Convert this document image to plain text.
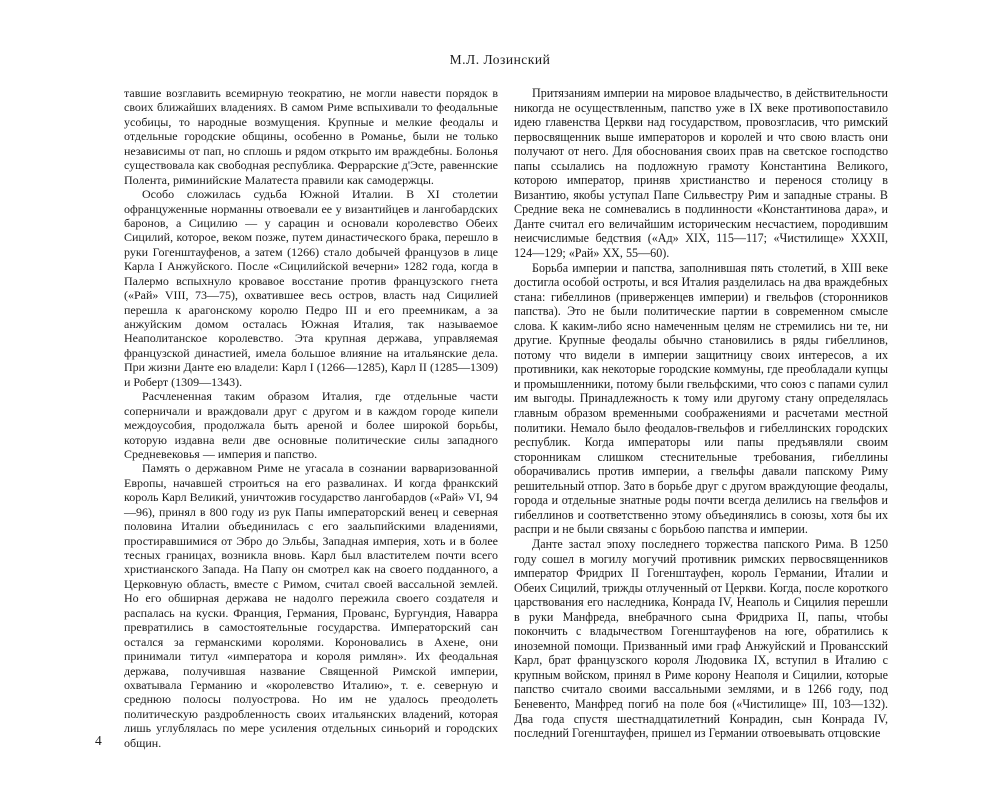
М.Л. Лозинский

тавшие возглавить всемирную теократию, не могли навести порядок в своих ближайших владениях. В самом Риме вспыхивали то феодальные усобицы, то народные возмущения. Крупные и мелкие феодалы и отдельные городские общины, особенно в Романье, были не только независимы от пап, но сплошь и рядом открыто им враждебны. Болонья существовала как свободная республика. Феррарские д'Эсте, равеннские Полента, риминийские Малатеста правили как самодержцы.

Особо сложилась судьба Южной Италии. В XI столетии офранцуженные норманны отвоевали ее у византийцев и лангобардских баронов, а Сицилию — у сарацин и основали королевство Обеих Сицилий, которое, веком позже, путем династического брака, перешло в руки Гогенштауфенов, а затем (1266) стало добычей французов в лице Карла I Анжуйского. После «Сицилийской вечерни» 1282 года, когда в Палермо вспыхнуло кровавое восстание против французского гнета («Рай» VIII, 73—75), охватившее весь остров, власть над Сицилией перешла к арагонскому королю Педро III и его преемникам, а за анжуйским домом осталась Южная Италия, так называемое Неаполитанское королевство. Эта крупная держава, управляемая французской династией, имела большое влияние на итальянские дела. При жизни Данте ею владели: Карл I (1266—1285), Карл II (1285—1309) и Роберт (1309—1343).

Расчлененная таким образом Италия, где отдельные части соперничали и враждовали друг с другом и в каждом городе кипели междоусобия, продолжала быть ареной и более широкой борьбы, которую издавна вели две основные политические силы западного Средневековья — империя и папство.

Память о державном Риме не угасала в сознании варваризованной Европы, начавшей строиться на его развалинах. И когда франкский король Карл Великий, уничтожив государство лангобардов («Рай» VI, 94—96), принял в 800 году из рук Папы императорский венец и северная половина Италии объединилась с его заальпийскими владениями, простиравшимися от Эбро до Эльбы, Западная империя, хоть и в более тесных границах, возникла вновь. Карл был властителем почти всего христианского Запада. На Папу он смотрел как на своего подданного, а Церковную область, вместе с Римом, считал своей вассальной землей. Но его обширная держава не надолго пережила своего создателя и распалась на куски. Франция, Германия, Прованс, Бургундия, Наварра превратились в самостоятельные государства. Императорский сан остался за германскими королями. Короновались в Ахене, они принимали титул «императора и короля римлян». Их феодальная держава, получившая название Священной Римской империи, охватывала Германию и «королевство Италию», т. е. северную и среднюю полосы полуострова. Но им не удалось преодолеть политическую раздробленность своих итальянских владений, которая лишь углублялась по мере усиления отдельных синьорий и городских общин.

Притязаниям империи на мировое владычество, в действительности никогда не осуществленным, папство уже в IX веке противопоставило идею главенства Церкви над государством, провозгласив, что римский первосвященник выше императоров и королей и что свою власть они получают от него. Для обоснования своих прав на светское господство папы ссылались на подложную грамоту Константина Великого, которою император, приняв христианство и перенося столицу в Византию, якобы уступал Папе Сильвестру Рим и западные страны. В Средние века не сомневались в подлинности «Константинова дара», и Данте считал его величайшим историческим несчастием, породившим неисчислимые бедствия («Ад» XIX, 115—117; «Чистилище» XXXII, 124—129; «Рай» XX, 55—60).

Борьба империи и папства, заполнившая пять столетий, в XIII веке достигла особой остроты, и вся Италия разделилась на два враждебных стана: гибеллинов (приверженцев империи) и гвельфов (сторонников папства). Это не были политические партии в современном смысле слова. К каким-либо ясно намеченным целям не стремились ни те, ни другие. Крупные феодалы обычно становились в ряды гибеллинов, потому что видели в империи защитницу своих интересов, а их противники, как некоторые городские коммуны, где преобладали купцы и промышленники, потому были гвельфскими, что союз с папами сулил им выгоды. Принадлежность к тому или другому стану определялась главным образом временными соображениями и расчетами местной политики. Немало было феодалов-гвельфов и гибеллинских городских республик. Когда императоры или папы предъявляли своим сторонникам слишком стеснительные требования, гибеллины оборачивались против империи, а гвельфы давали папскому Риму решительный отпор. Зато в борьбе друг с другом враждующие феодалы, города и отдельные знатные роды почти всегда делились на гвельфов и гибеллинов и соответственно этому объединялись в союзы, хотя бы их распри и не были связаны с борьбою папства и империи.

Данте застал эпоху последнего торжества папского Рима. В 1250 году сошел в могилу могучий противник римских первосвященников император Фридрих II Гогенштауфен, король Германии, Италии и Обеих Сицилий, трижды отлученный от Церкви. Когда, после короткого царствования его наследника, Конрада IV, Неаполь и Сицилия перешли в руки Манфреда, внебрачного сына Фридриха II, папы, чтобы покончить с владычеством Гогенштауфенов на юге, обратились к иноземной помощи. Призванный ими граф Анжуйский и Провансский Карл, брат французского короля Людовика IX, вступил в Италию с крупным войском, принял в Риме корону Неаполя и Сицилии, которые папство считало своими вассальными землями, и в 1266 году, под Беневенто, Манфред погиб на поле боя («Чистилище» III, 103—132). Два года спустя шестнадцатилетний Конрадин, сын Конрада IV, последний Гогенштауфен, пришел из Германии отвоевывать отцовские

4
